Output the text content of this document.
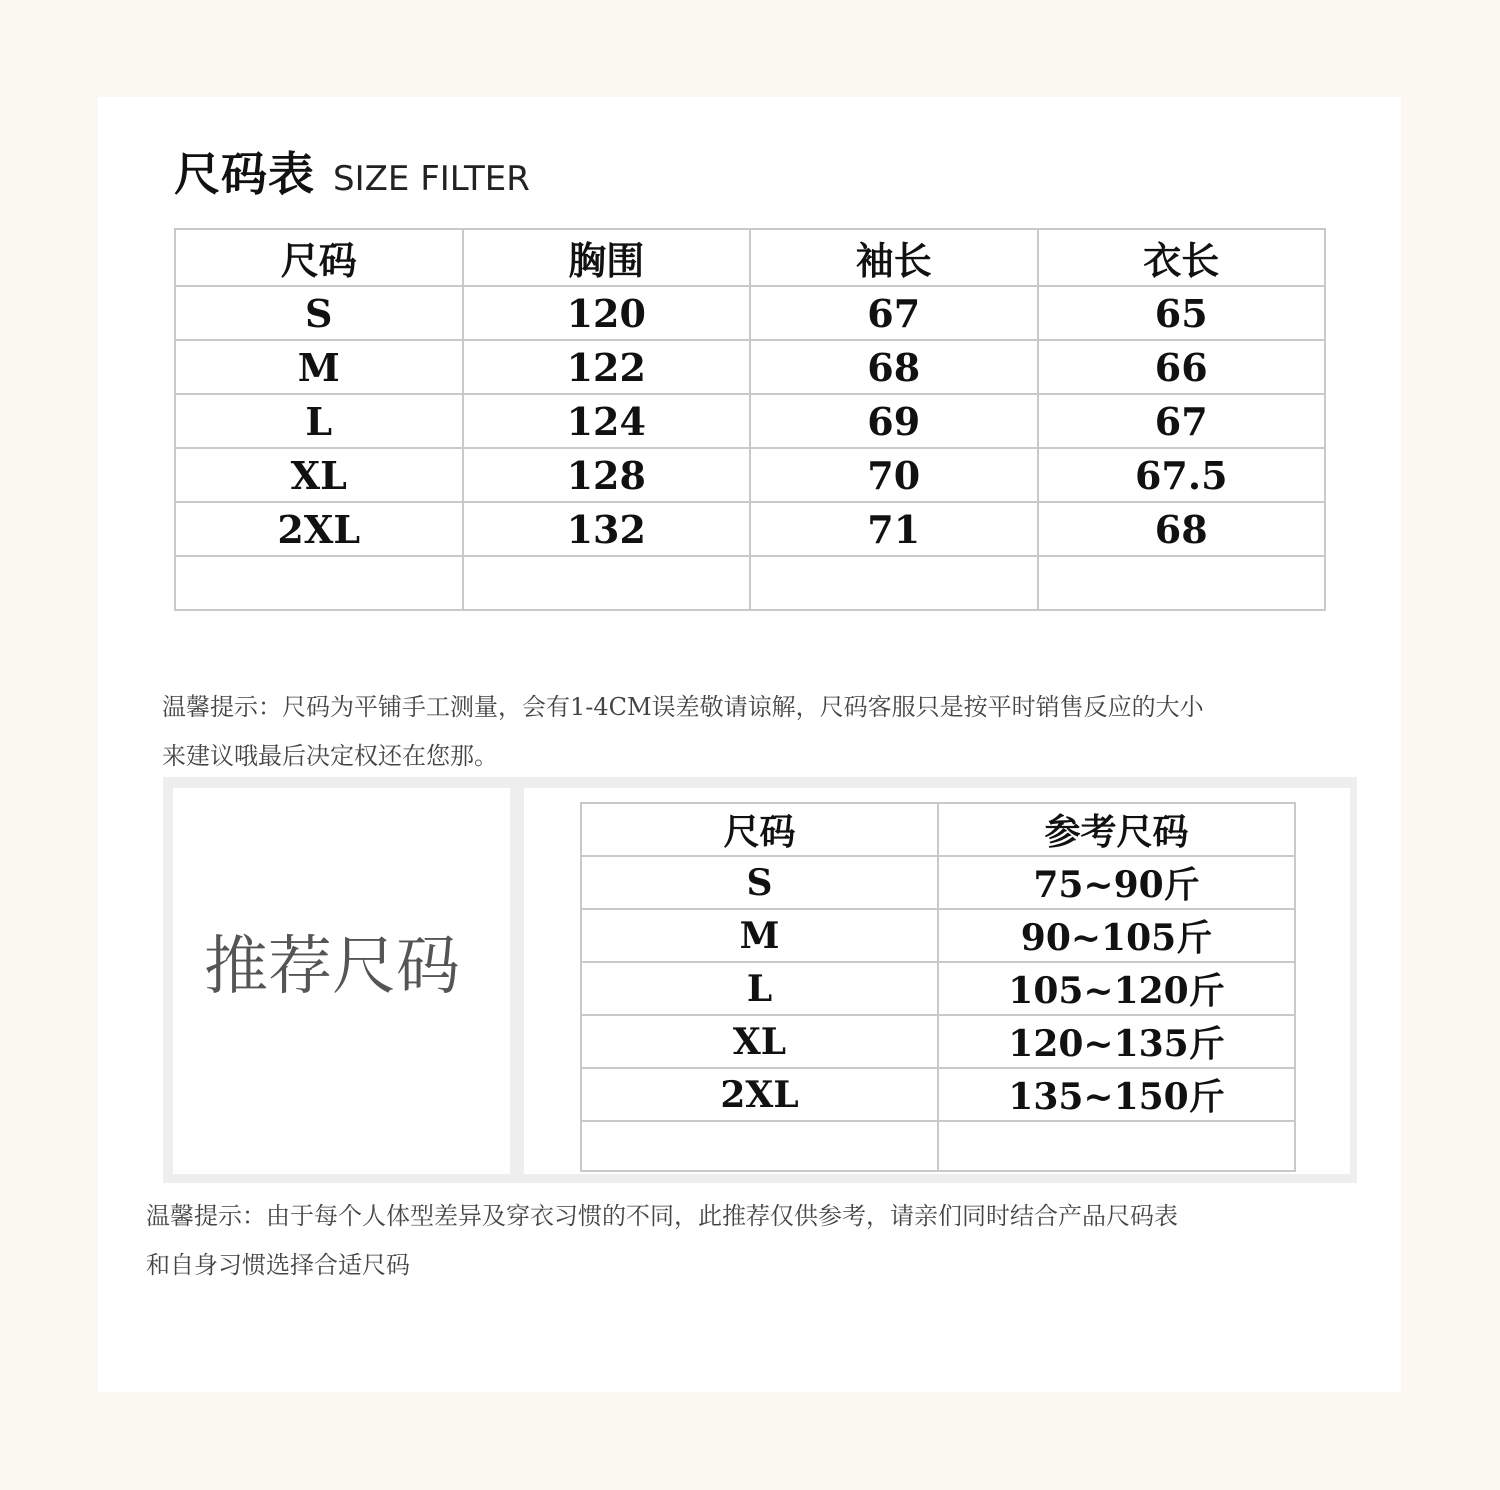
尺码表 SIZE FILTER
尺码	胸围	袖长	衣长
S	120	67	65
M	122	68	66
L	124	69	67
XL	128	70	67.5
2XL	132	71	68

温馨提示：尺码为平铺手工测量，会有1-4CM误差敬请谅解，尺码客服只是按平时销售反应的大小
来建议哦最后决定权还在您那。
推荐尺码
尺码	参考尺码
S	75~90斤
M	90~105斤
L	105~120斤
XL	120~135斤
2XL	135~150斤

温馨提示：由于每个人体型差异及穿衣习惯的不同，此推荐仅供参考，请亲们同时结合产品尺码表
和自身习惯选择合适尺码
